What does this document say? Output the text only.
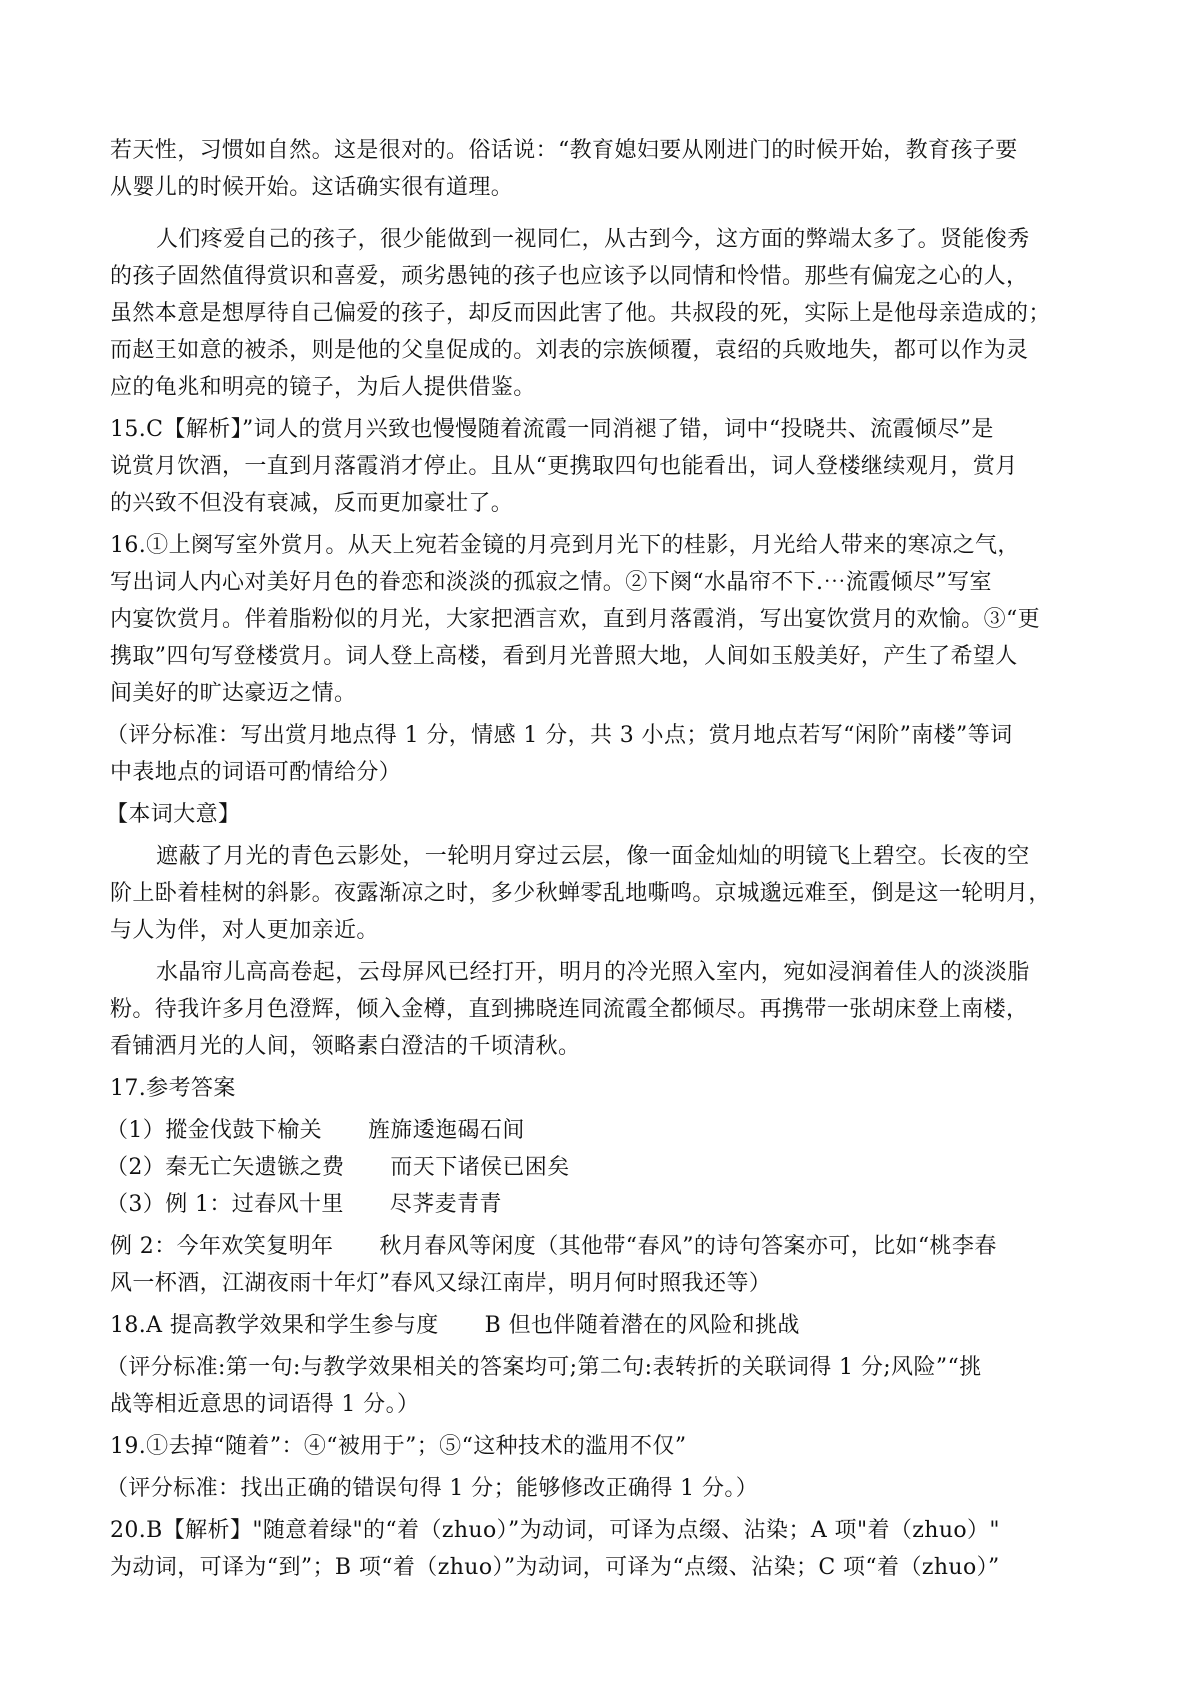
若天性，习惯如自然。这是很对的。俗话说：“教育媳妇要从刚进门的时候开始，教育孩子要
从婴儿的时候开始。这话确实很有道理。
人们疼爱自己的孩子，很少能做到一视同仁，从古到今，这方面的弊端太多了。贤能俊秀
的孩子固然值得赏识和喜爱，顽劣愚钝的孩子也应该予以同情和怜惜。那些有偏宠之心的人，
虽然本意是想厚待自己偏爱的孩子，却反而因此害了他。共叔段的死，实际上是他母亲造成的；
而赵王如意的被杀，则是他的父皇促成的。刘表的宗族倾覆，袁绍的兵败地失，都可以作为灵
应的龟兆和明亮的镜子，为后人提供借鉴。
15.C【解析】”词人的赏月兴致也慢慢随着流霞一同消褪了错，词中“投晓共、流霞倾尽”是
说赏月饮酒，一直到月落霞消才停止。且从“更携取四句也能看出，词人登楼继续观月，赏月
的兴致不但没有衰减，反而更加豪壮了。
16.①上阕写室外赏月。从天上宛若金镜的月亮到月光下的桂影，月光给人带来的寒凉之气，
写出词人内心对美好月色的眷恋和淡淡的孤寂之情。②下阕“水晶帘不下.⋯流霞倾尽”写室
内宴饮赏月。伴着脂粉似的月光，大家把酒言欢，直到月落霞消，写出宴饮赏月的欢愉。③“更
携取”四句写登楼赏月。词人登上高楼，看到月光普照大地，人间如玉般美好，产生了希望人
间美好的旷达豪迈之情。
（评分标准：写出赏月地点得 1 分，情感 1 分，共 3 小点；赏月地点若写“闲阶”南楼”等词
中表地点的词语可酌情给分）
【本词大意】
遮蔽了月光的青色云影处，一轮明月穿过云层，像一面金灿灿的明镜飞上碧空。长夜的空
阶上卧着桂树的斜影。夜露渐凉之时，多少秋蝉零乱地嘶鸣。京城邈远难至，倒是这一轮明月，
与人为伴，对人更加亲近。
水晶帘儿高高卷起，云母屏风已经打开，明月的冷光照入室内，宛如浸润着佳人的淡淡脂
粉。待我许多月色澄辉，倾入金樽，直到拂晓连同流霞全都倾尽。再携带一张胡床登上南楼，
看铺洒月光的人间，领略素白澄洁的千顷清秋。
17.参考答案
（1）摐金伐鼓下榆关 旌旆逶迤碣石间
（2）秦无亡矢遗镞之费 而天下诸侯已困矣
（3）例 1：过春风十里 尽荠麦青青
例 2：今年欢笑复明年 秋月春风等闲度（其他带“春风”的诗句答案亦可，比如“桃李春
风一杯酒，江湖夜雨十年灯”春风又绿江南岸，明月何时照我还等）
18.A 提高教学效果和学生参与度 B 但也伴随着潜在的风险和挑战
（评分标准:第一句:与教学效果相关的答案均可;第二句:表转折的关联词得 1 分;风险”“挑
战等相近意思的词语得 1 分。）
19.①去掉“随着”：④“被用于”；⑤“这种技术的滥用不仅”
（评分标准：找出正确的错误句得 1 分；能够修改正确得 1 分。）
20.B【解析】"随意着绿"的“着（zhuo）”为动词，可译为点缀、沾染；A 项"着（zhuo）"
为动词，可译为“到”；B 项“着（zhuo）”为动词，可译为“点缀、沾染；C 项“着（zhuo）”
